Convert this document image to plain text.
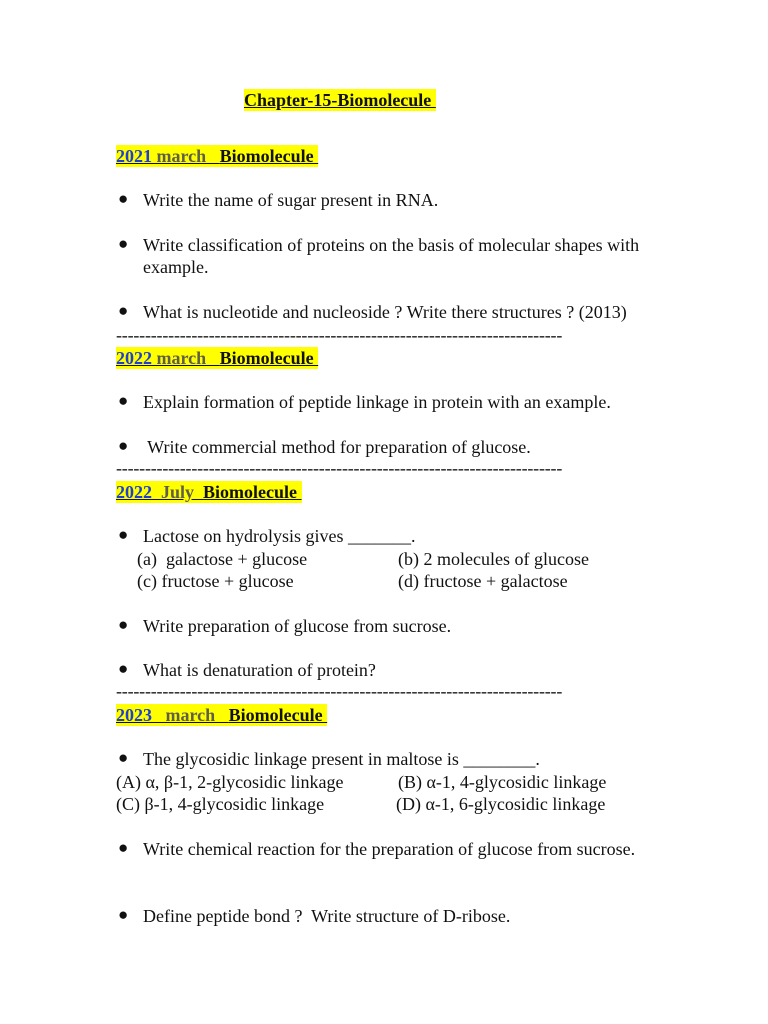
Chapter-15-Biomolecule
2021 march   Biomolecule
● Write the name of sugar present in RNA.
● Write classification of proteins on the basis of molecular shapes with example.
● What is nucleotide and nucleoside ? Write there structures ? (2013)
-----------------------------------------------------------------------------
2022 march   Biomolecule
● Explain formation of peptide linkage in protein with an example.
● Write commercial method for preparation of glucose.
-----------------------------------------------------------------------------
2022  July  Biomolecule
● Lactose on hydrolysis gives _______.
(a)  galactose + glucose	(b) 2 molecules of glucose
(c) fructose + glucose	(d) fructose + galactose
● Write preparation of glucose from sucrose.
● What is denaturation of protein?
-----------------------------------------------------------------------------
2023   march   Biomolecule
● The glycosidic linkage present in maltose is ________.
(A) α, β-1, 2-glycosidic linkage	(B) α-1, 4-glycosidic linkage
(C) β-1, 4-glycosidic linkage	(D) α-1, 6-glycosidic linkage
● Write chemical reaction for the preparation of glucose from sucrose.
● Define peptide bond ?  Write structure of D-ribose.
